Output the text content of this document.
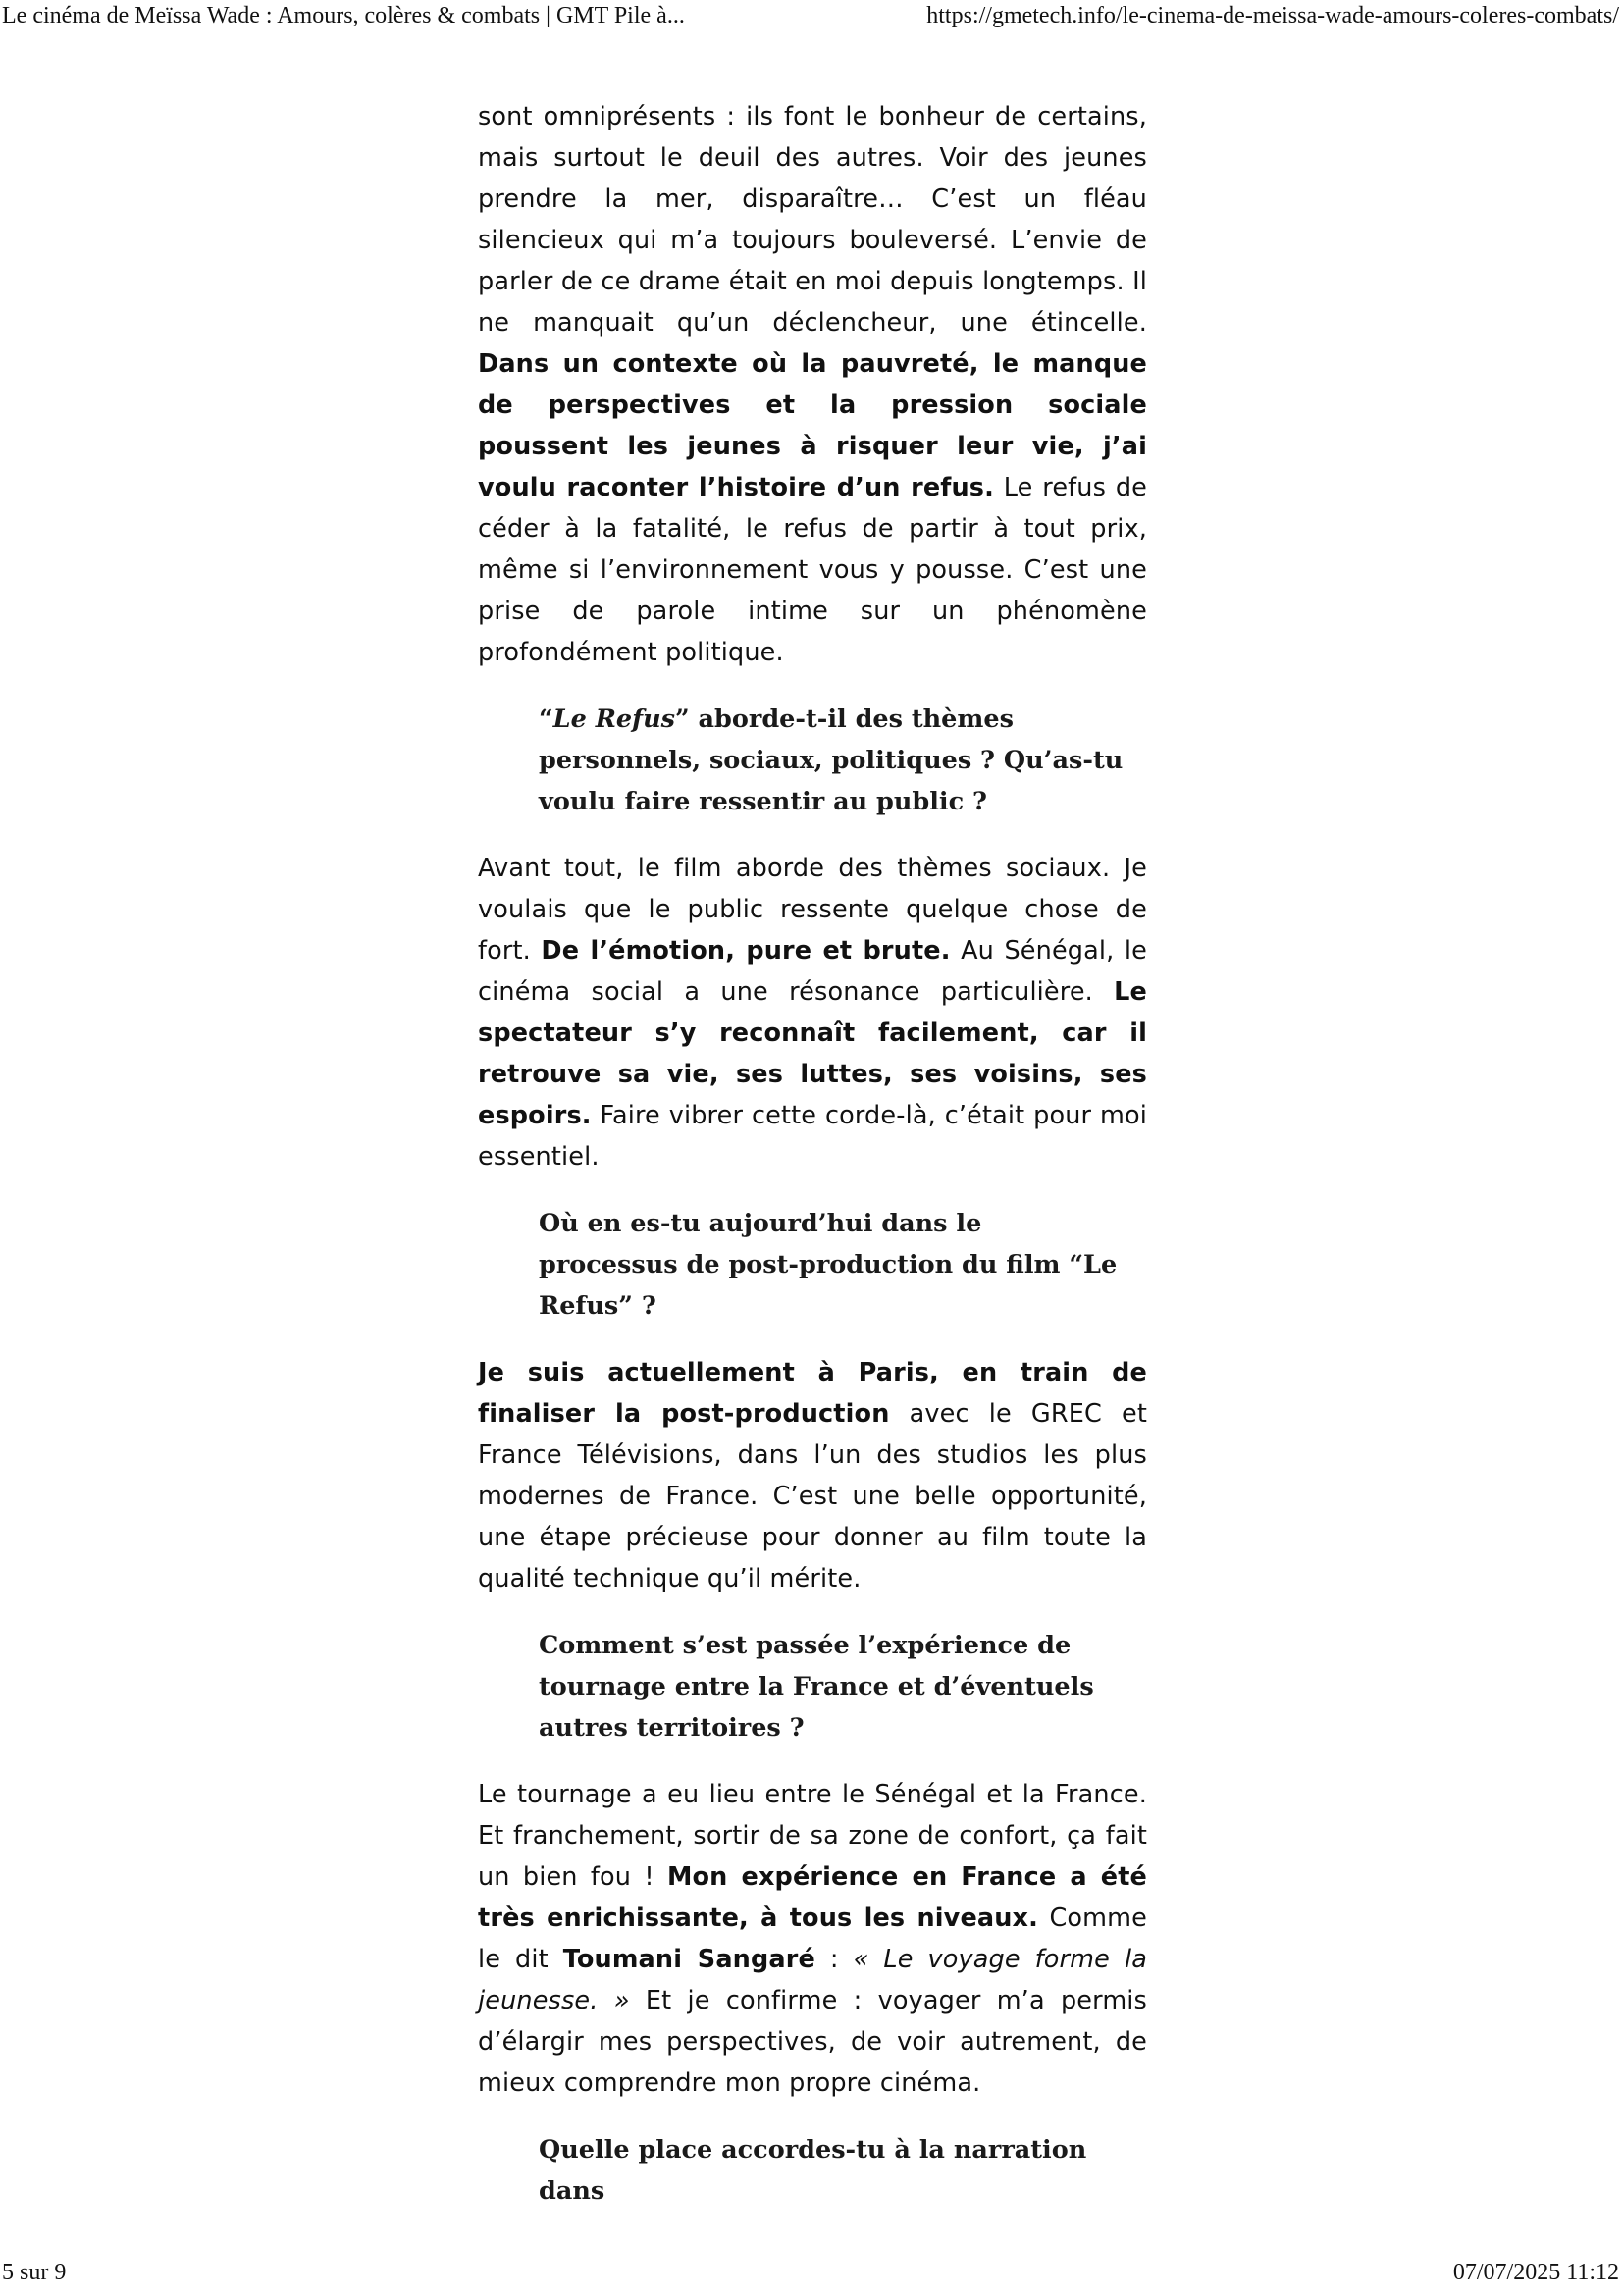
Le cinéma de Meïssa Wade : Amours, colères & combats | GMT Pile à...	https://gmetech.info/le-cinema-de-meissa-wade-amours-coleres-combats/

sont omniprésents : ils font le bonheur de certains, mais surtout le deuil des autres. Voir des jeunes prendre la mer, disparaître… C’est un fléau silencieux qui m’a toujours bouleversé. L’envie de parler de ce drame était en moi depuis longtemps. Il ne manquait qu’un déclencheur, une étincelle. Dans un contexte où la pauvreté, le manque de perspectives et la pression sociale poussent les jeunes à risquer leur vie, j’ai voulu raconter l’histoire d’un refus. Le refus de céder à la fatalité, le refus de partir à tout prix, même si l’environnement vous y pousse. C’est une prise de parole intime sur un phénomène profondément politique.

“Le Refus” aborde-t-il des thèmes personnels, sociaux, politiques ? Qu’as-tu voulu faire ressentir au public ?

Avant tout, le film aborde des thèmes sociaux. Je voulais que le public ressente quelque chose de fort. De l’émotion, pure et brute. Au Sénégal, le cinéma social a une résonance particulière. Le spectateur s’y reconnaît facilement, car il retrouve sa vie, ses luttes, ses voisins, ses espoirs. Faire vibrer cette corde-là, c’était pour moi essentiel.

Où en es-tu aujourd’hui dans le processus de post-production du film “Le Refus” ?

Je suis actuellement à Paris, en train de finaliser la post-production avec le GREC et France Télévisions, dans l’un des studios les plus modernes de France. C’est une belle opportunité, une étape précieuse pour donner au film toute la qualité technique qu’il mérite.

Comment s’est passée l’expérience de tournage entre la France et d’éventuels autres territoires ?

Le tournage a eu lieu entre le Sénégal et la France. Et franchement, sortir de sa zone de confort, ça fait un bien fou ! Mon expérience en France a été très enrichissante, à tous les niveaux. Comme le dit Toumani Sangaré : « Le voyage forme la jeunesse. » Et je confirme : voyager m’a permis d’élargir mes perspectives, de voir autrement, de mieux comprendre mon propre cinéma.

Quelle place accordes-tu à la narration dans

5 sur 9	07/07/2025 11:12
